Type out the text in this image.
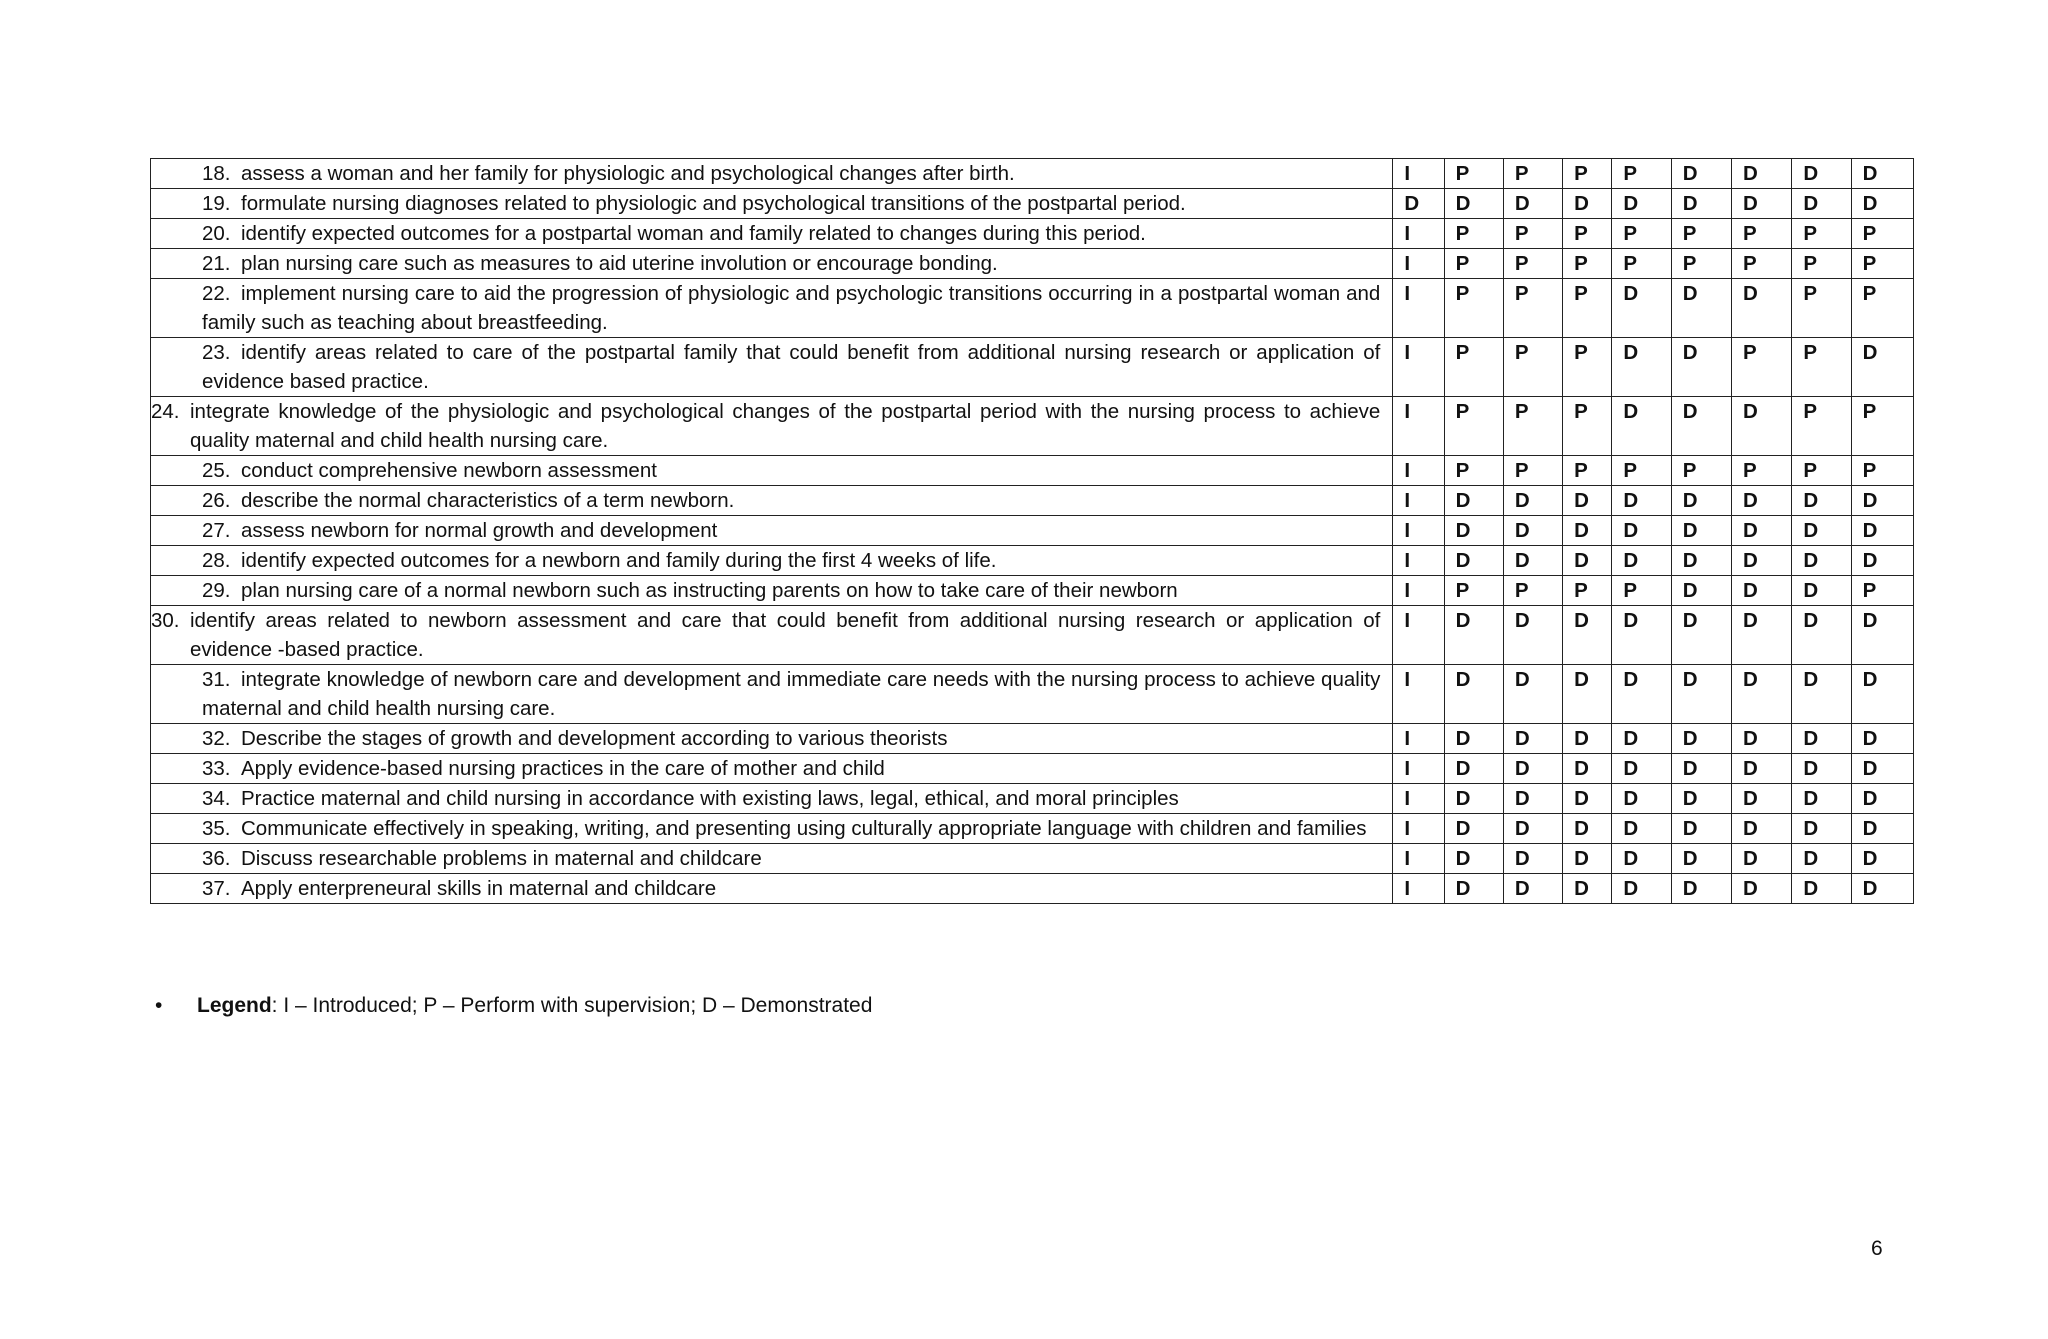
18. assess a woman and her family for physiologic and psychological changes after birth.	I	P	P	P	P	D	D	D	D
19. formulate nursing diagnoses related to physiologic and psychological transitions of the postpartal period.	D	D	D	D	D	D	D	D	D
20. identify expected outcomes for a postpartal woman and family related to changes during this period.	I	P	P	P	P	P	P	P	P
21. plan nursing care such as measures to aid uterine involution or encourage bonding.	I	P	P	P	P	P	P	P	P
22. implement nursing care to aid the progression of physiologic and psychologic transitions occurring in a postpartal woman and family such as teaching about breastfeeding.	I	P	P	P	D	D	D	P	P
23. identify areas related to care of the postpartal family that could benefit from additional nursing research or application of evidence based practice.	I	P	P	P	D	D	P	P	D
24. integrate knowledge of the physiologic and psychological changes of the postpartal period with the nursing process to achieve quality maternal and child health nursing care.	I	P	P	P	D	D	D	P	P
25. conduct comprehensive newborn assessment	I	P	P	P	P	P	P	P	P
26. describe the normal characteristics of a term newborn.	I	D	D	D	D	D	D	D	D
27. assess newborn for normal growth and development	I	D	D	D	D	D	D	D	D
28. identify expected outcomes for a newborn and family during the first 4 weeks of life.	I	D	D	D	D	D	D	D	D
29. plan nursing care of a normal newborn such as instructing parents on how to take care of their newborn	I	P	P	P	P	D	D	D	P
30. identify areas related to newborn assessment and care that could benefit from additional nursing research or application of evidence -based practice.	I	D	D	D	D	D	D	D	D
31. integrate knowledge of newborn care and development and immediate care needs with the nursing process to achieve quality maternal and child health nursing care.	I	D	D	D	D	D	D	D	D
32. Describe the stages of growth and development according to various theorists	I	D	D	D	D	D	D	D	D
33. Apply evidence-based nursing practices in the care of mother and child	I	D	D	D	D	D	D	D	D
34. Practice maternal and child nursing in accordance with existing laws, legal, ethical, and moral principles	I	D	D	D	D	D	D	D	D
35. Communicate effectively in speaking, writing, and presenting using culturally appropriate language with children and families	I	D	D	D	D	D	D	D	D
36. Discuss researchable problems in maternal and childcare	I	D	D	D	D	D	D	D	D
37. Apply enterpreneural skills in maternal and childcare	I	D	D	D	D	D	D	D	D
• Legend: I – Introduced; P – Perform with supervision; D – Demonstrated
6
